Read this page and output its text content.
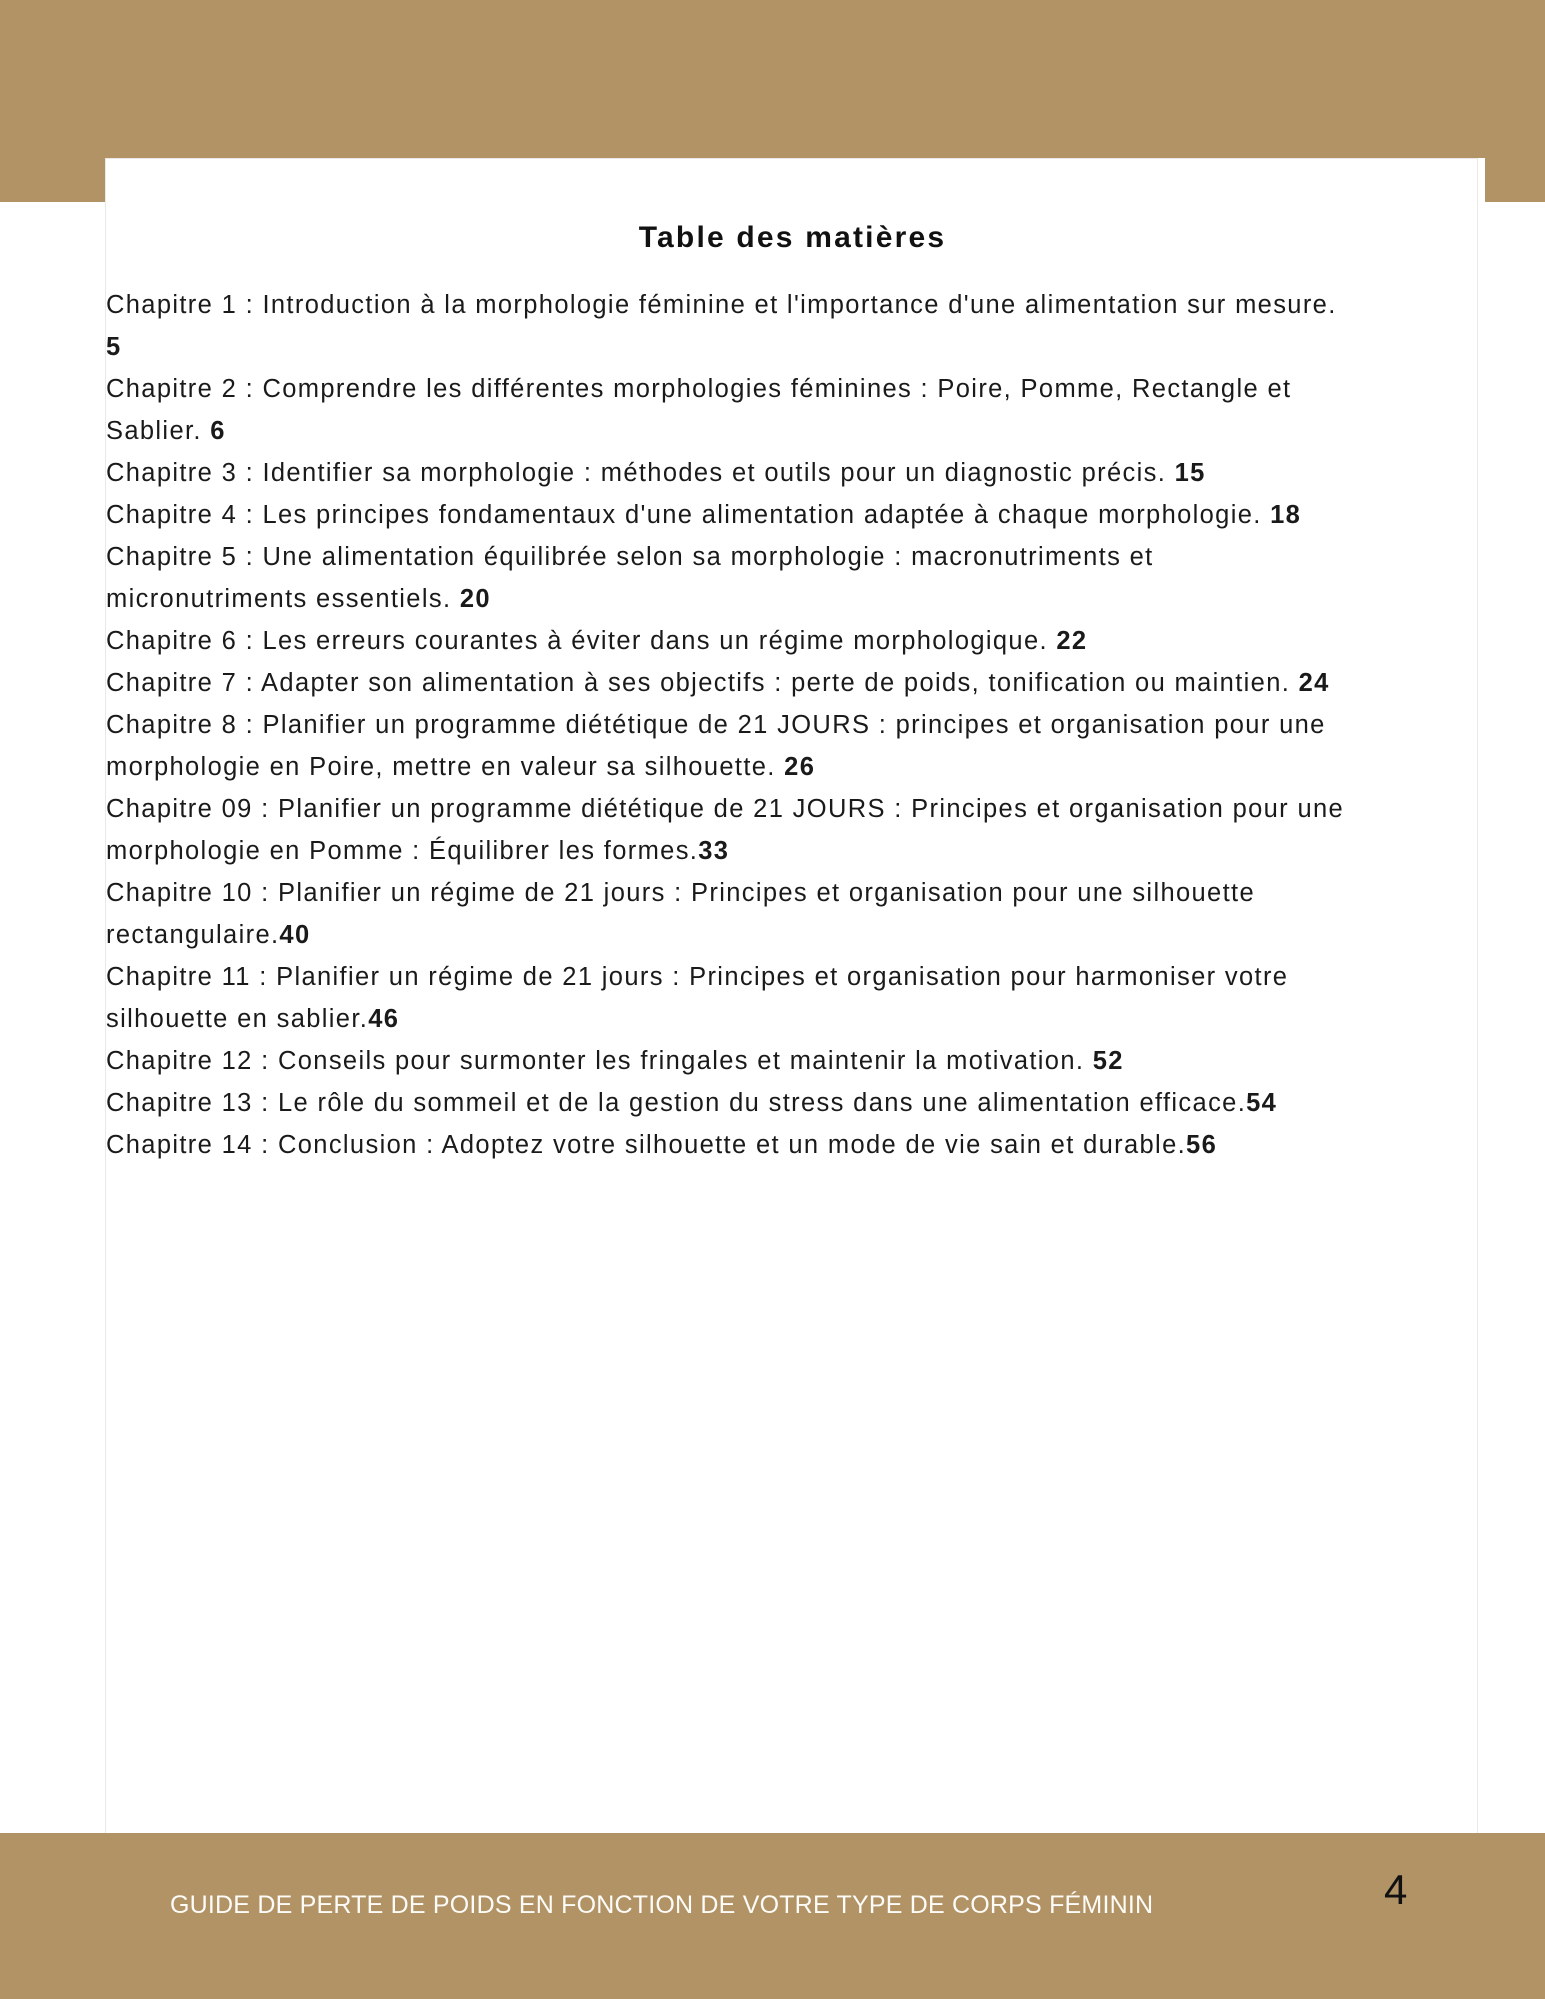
Table des matières
Chapitre 1 : Introduction à la morphologie féminine et l'importance d'une alimentation sur mesure. 5
Chapitre 2 : Comprendre les différentes morphologies féminines : Poire, Pomme, Rectangle et Sablier. 6
Chapitre 3 : Identifier sa morphologie : méthodes et outils pour un diagnostic précis. 15
Chapitre 4 : Les principes fondamentaux d'une alimentation adaptée à chaque morphologie. 18
Chapitre 5 : Une alimentation équilibrée selon sa morphologie : macronutriments et micronutriments essentiels. 20
Chapitre 6 : Les erreurs courantes à éviter dans un régime morphologique. 22
Chapitre 7 : Adapter son alimentation à ses objectifs : perte de poids, tonification ou maintien. 24
Chapitre 8 : Planifier un programme diététique de 21 JOURS : principes et organisation pour une morphologie en Poire, mettre en valeur sa silhouette. 26
Chapitre 09 : Planifier un programme diététique de 21 JOURS : Principes et organisation pour une morphologie en Pomme : Équilibrer les formes.33
Chapitre 10 : Planifier un régime de 21 jours : Principes et organisation pour une silhouette rectangulaire.40
Chapitre 11 : Planifier un régime de 21 jours : Principes et organisation pour harmoniser votre silhouette en sablier.46
Chapitre 12 : Conseils pour surmonter les fringales et maintenir la motivation. 52
Chapitre 13 : Le rôle du sommeil et de la gestion du stress dans une alimentation efficace.54
Chapitre 14 : Conclusion : Adoptez votre silhouette et un mode de vie sain et durable.56
GUIDE DE PERTE DE POIDS EN FONCTION DE VOTRE TYPE DE CORPS FÉMININ	4
